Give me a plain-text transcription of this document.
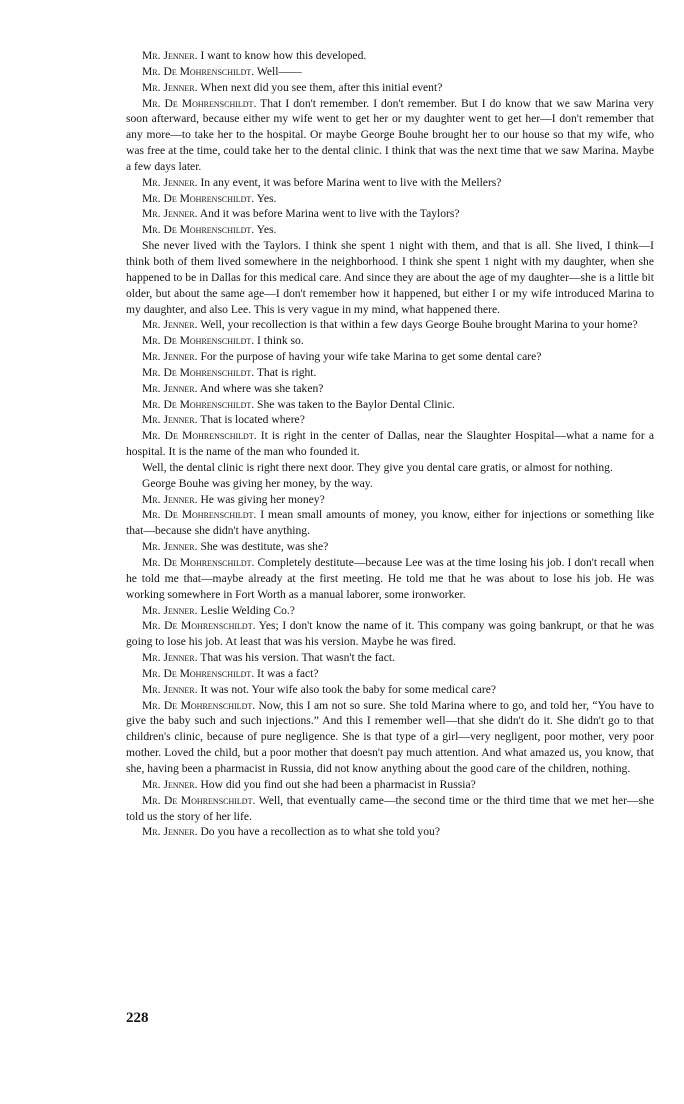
Mr. Jenner. I want to know how this developed.

Mr. De Mohrenschildt. Well——

Mr. Jenner. When next did you see them, after this initial event?

Mr. De Mohrenschildt. That I don't remember. I don't remember. But I do know that we saw Marina very soon afterward, because either my wife went to get her or my daughter went to get her—I don't remember that any more—to take her to the hospital. Or maybe George Bouhe brought her to our house so that my wife, who was free at the time, could take her to the dental clinic. I think that was the next time that we saw Marina. Maybe a few days later.

Mr. Jenner. In any event, it was before Marina went to live with the Mellers?

Mr. De Mohrenschildt. Yes.

Mr. Jenner. And it was before Marina went to live with the Taylors?

Mr. De Mohrenschildt. Yes.

She never lived with the Taylors. I think she spent 1 night with them, and that is all. She lived, I think—I think both of them lived somewhere in the neighborhood. I think she spent 1 night with my daughter, when she happened to be in Dallas for this medical care. And since they are about the age of my daughter—she is a little bit older, but about the same age—I don't remember how it happened, but either I or my wife introduced Marina to my daughter, and also Lee. This is very vague in my mind, what happened there.

Mr. Jenner. Well, your recollection is that within a few days George Bouhe brought Marina to your home?

Mr. De Mohrenschildt. I think so.

Mr. Jenner. For the purpose of having your wife take Marina to get some dental care?

Mr. De Mohrenschildt. That is right.

Mr. Jenner. And where was she taken?

Mr. De Mohrenschildt. She was taken to the Baylor Dental Clinic.

Mr. Jenner. That is located where?

Mr. De Mohrenschildt. It is right in the center of Dallas, near the Slaughter Hospital—what a name for a hospital. It is the name of the man who founded it.

Well, the dental clinic is right there next door. They give you dental care gratis, or almost for nothing.

George Bouhe was giving her money, by the way.

Mr. Jenner. He was giving her money?

Mr. De Mohrenschildt. I mean small amounts of money, you know, either for injections or something like that—because she didn't have anything.

Mr. Jenner. She was destitute, was she?

Mr. De Mohrenschildt. Completely destitute—because Lee was at the time losing his job. I don't recall when he told me that—maybe already at the first meeting. He told me that he was about to lose his job. He was working somewhere in Fort Worth as a manual laborer, some ironworker.

Mr. Jenner. Leslie Welding Co.?

Mr. De Mohrenschildt. Yes; I don't know the name of it. This company was going bankrupt, or that he was going to lose his job. At least that was his version. Maybe he was fired.

Mr. Jenner. That was his version. That wasn't the fact.

Mr. De Mohrenschildt. It was a fact?

Mr. Jenner. It was not. Your wife also took the baby for some medical care?

Mr. De Mohrenschildt. Now, this I am not so sure. She told Marina where to go, and told her, “You have to give the baby such and such injections.” And this I remember well—that she didn't do it. She didn't go to that children's clinic, because of pure negligence. She is that type of a girl—very negligent, poor mother, very poor mother. Loved the child, but a poor mother that doesn't pay much attention. And what amazed us, you know, that she, having been a pharmacist in Russia, did not know anything about the good care of the children, nothing.

Mr. Jenner. How did you find out she had been a pharmacist in Russia?

Mr. De Mohrenschildt. Well, that eventually came—the second time or the third time that we met her—she told us the story of her life.

Mr. Jenner. Do you have a recollection as to what she told you?

228
